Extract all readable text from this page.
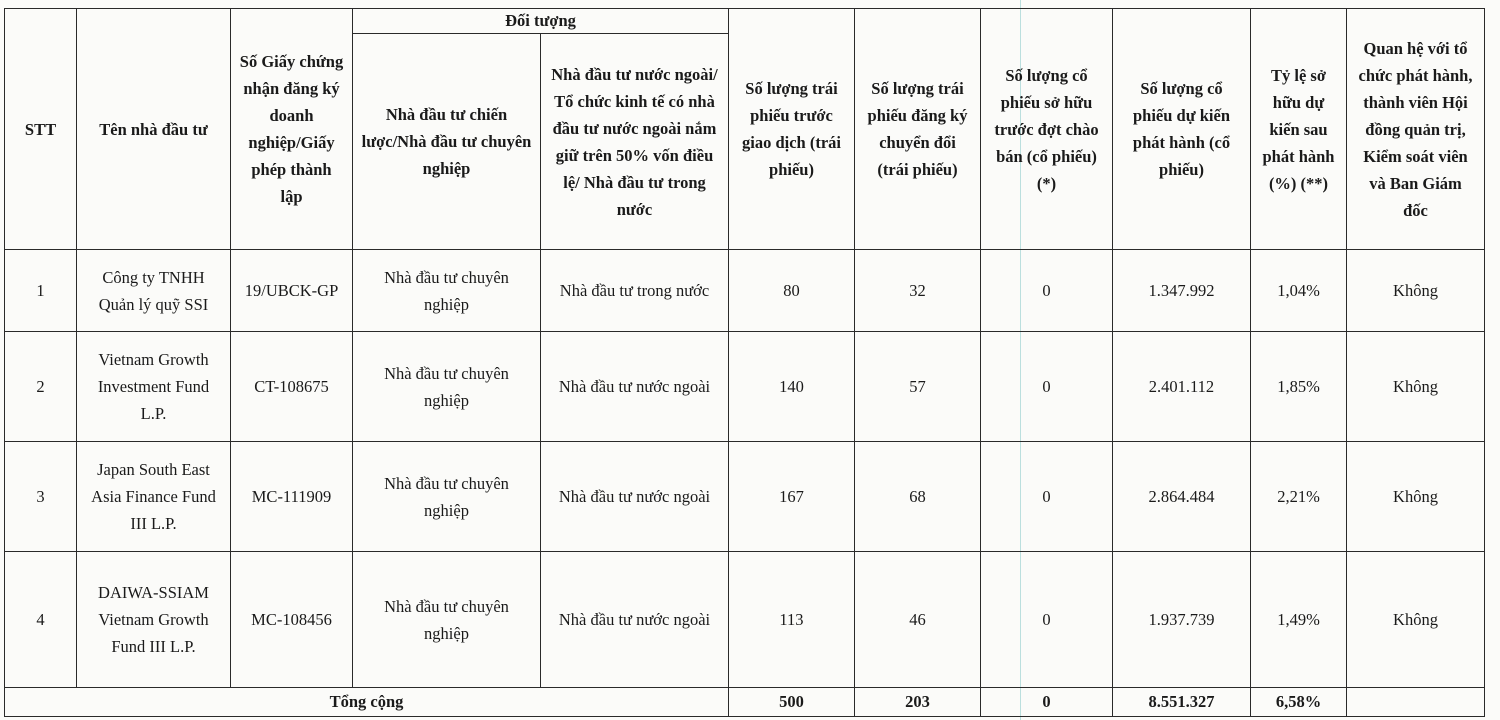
STT	Tên nhà đầu tư	Số Giấy chứng nhận đăng ký doanh nghiệp/Giấy phép thành lập	Đối tượng		Số lượng trái phiếu trước giao dịch (trái phiếu)	Số lượng trái phiếu đăng ký chuyển đổi (trái phiếu)	Số lượng cổ phiếu sở hữu trước đợt chào bán (cổ phiếu) (*)	Số lượng cổ phiếu dự kiến phát hành (cổ phiếu)	Tỷ lệ sở hữu dự kiến sau phát hành (%) (**)	Quan hệ với tổ chức phát hành, thành viên Hội đồng quản trị, Kiểm soát viên và Ban Giám đốc
			Nhà đầu tư chiến lược/Nhà đầu tư chuyên nghiệp	Nhà đầu tư nước ngoài/ Tổ chức kinh tế có nhà đầu tư nước ngoài nắm giữ trên 50% vốn điều lệ/ Nhà đầu tư trong nước						
1	Công ty TNHH Quản lý quỹ SSI	19/UBCK-GP	Nhà đầu tư chuyên nghiệp	Nhà đầu tư trong nước	80	32	0	1.347.992	1,04%	Không
2	Vietnam Growth Investment Fund L.P.	CT-108675	Nhà đầu tư chuyên nghiệp	Nhà đầu tư nước ngoài	140	57	0	2.401.112	1,85%	Không
3	Japan South East Asia Finance Fund III L.P.	MC-111909	Nhà đầu tư chuyên nghiệp	Nhà đầu tư nước ngoài	167	68	0	2.864.484	2,21%	Không
4	DAIWA-SSIAM Vietnam Growth Fund III L.P.	MC-108456	Nhà đầu tư chuyên nghiệp	Nhà đầu tư nước ngoài	113	46	0	1.937.739	1,49%	Không
Tổng cộng					500	203	0	8.551.327	6,58%	
